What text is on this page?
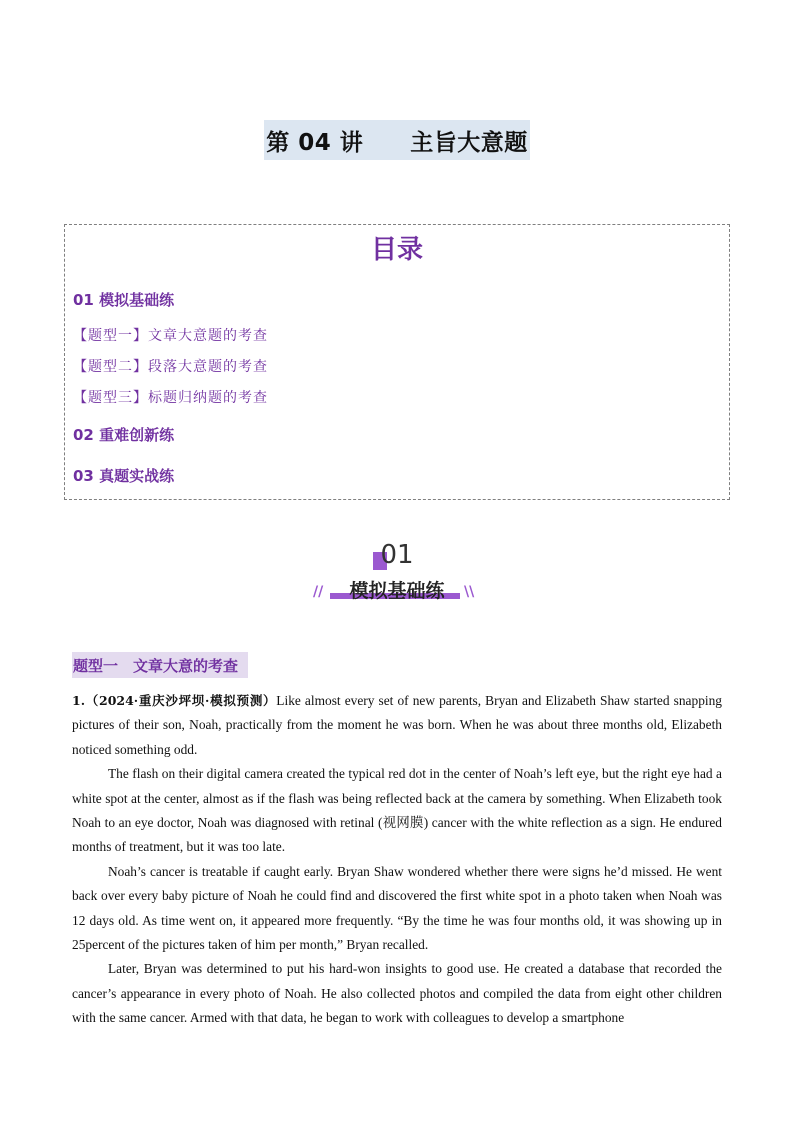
第 04 讲　　主旨大意题
目录
01 模拟基础练
【题型一】文章大意题的考查
【题型二】段落大意题的考查
【题型三】标题归纳题的考查
02 重难创新练
03 真题实战练
01
模拟基础练
//	\\
题型一　文章大意的考查

1.（2024·重庆沙坪坝·模拟预测）Like almost every set of new parents, Bryan and Elizabeth Shaw started snapping pictures of their son, Noah, practically from the moment he was born. When he was about three months old, Elizabeth noticed something odd.

The flash on their digital camera created the typical red dot in the center of Noah’s left eye, but the right eye had a white spot at the center, almost as if the flash was being reflected back at the camera by something. When Elizabeth took Noah to an eye doctor, Noah was diagnosed with retinal (视网膜) cancer with the white reflection as a sign. He endured months of treatment, but it was too late.

Noah’s cancer is treatable if caught early. Bryan Shaw wondered whether there were signs he’d missed. He went back over every baby picture of Noah he could find and discovered the first white spot in a photo taken when Noah was 12 days old. As time went on, it appeared more frequently. “By the time he was four months old, it was showing up in 25percent of the pictures taken of him per month,” Bryan recalled.

Later, Bryan was determined to put his hard-won insights to good use. He created a database that recorded the cancer’s appearance in every photo of Noah. He also collected photos and compiled the data from eight other children with the same cancer. Armed with that data, he began to work with colleagues to develop a smartphone
